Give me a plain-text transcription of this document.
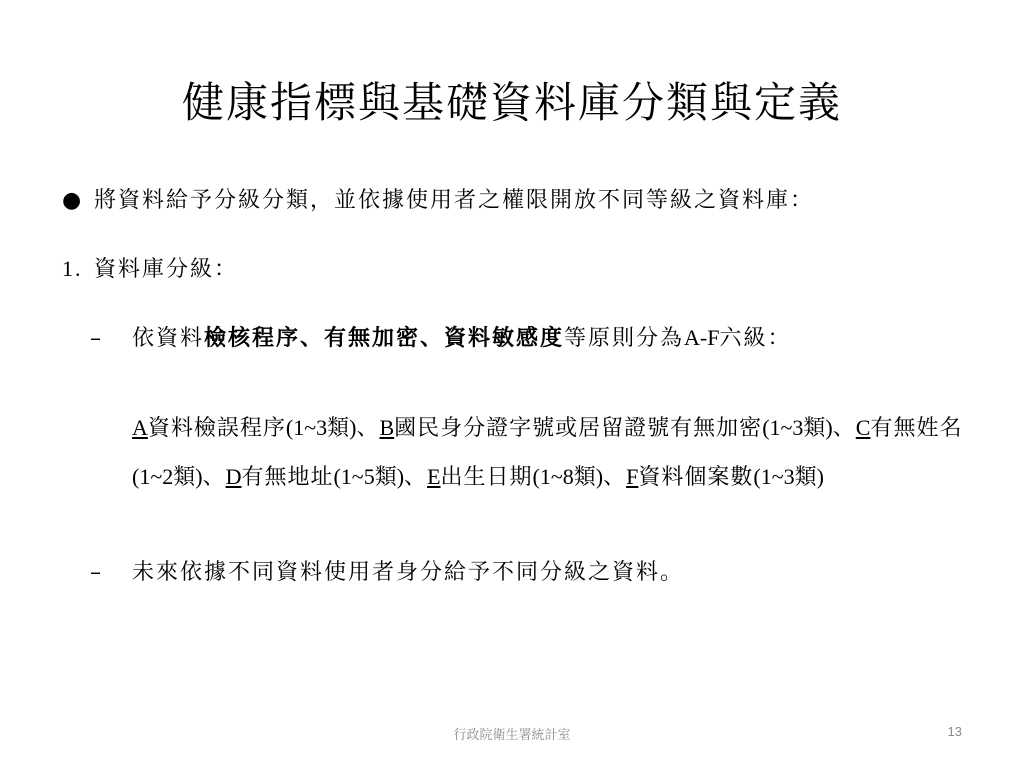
健康指標與基礎資料庫分類與定義
● 將資料給予分級分類，並依據使用者之權限開放不同等級之資料庫：
1. 資料庫分級：
– 依資料檢核程序、有無加密、資料敏感度等原則分為A-F六級：
A資料檢誤程序(1~3類)、B國民身分證字號或居留證號有無加密(1~3類)、C有無姓名(1~2類)、D有無地址(1~5類)、E出生日期(1~8類)、F資料個案數(1~3類)
– 未來依據不同資料使用者身分給予不同分級之資料。
行政院衛生署統計室	13
